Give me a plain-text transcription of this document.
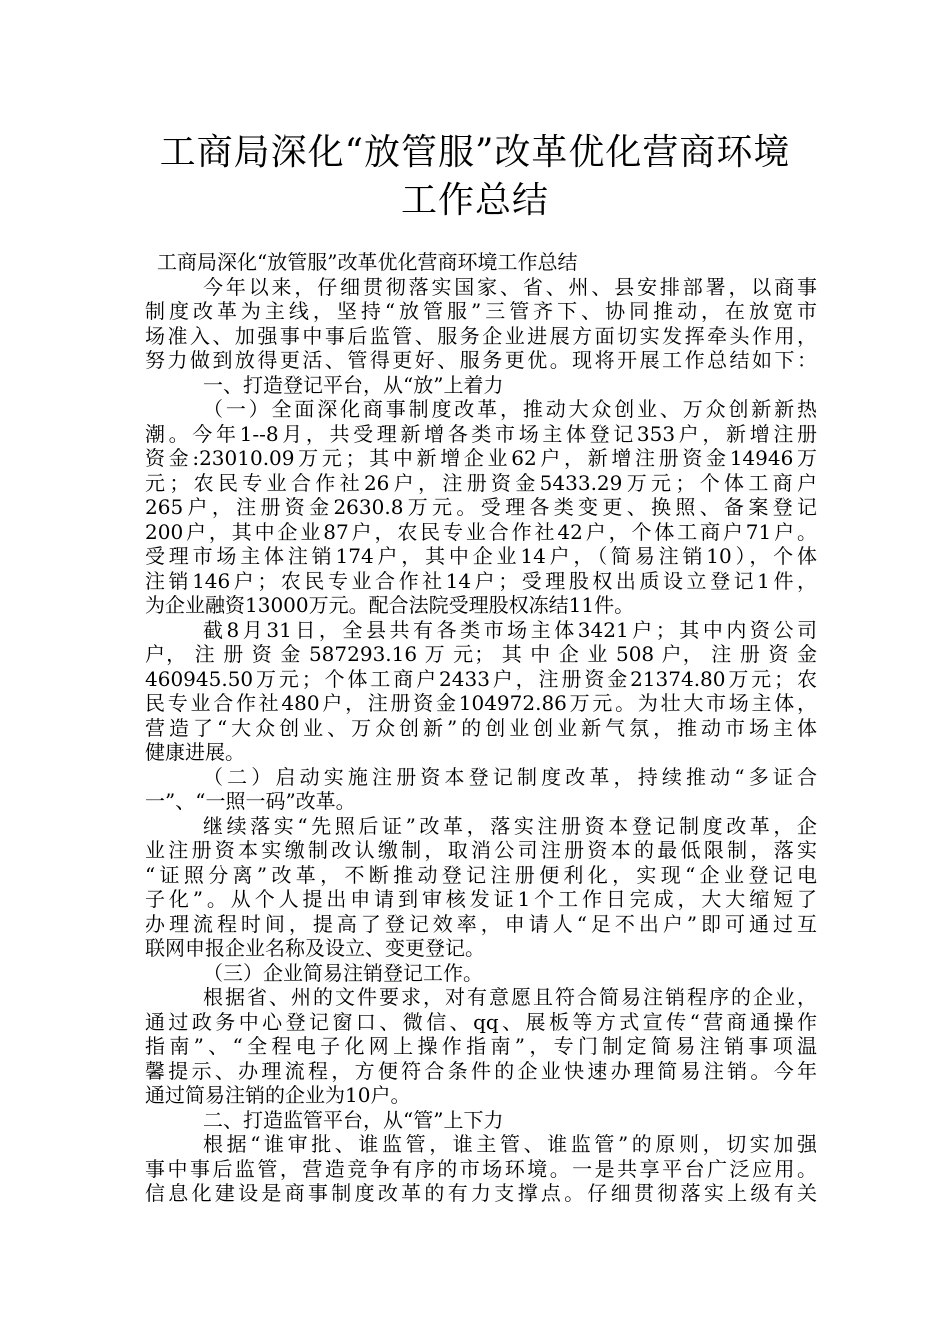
工商局深化“放管服”改革优化营商环境
工作总结
工商局深化“放管服”改革优化营商环境工作总结
今年以来，仔细贯彻落实国家、省、州、县安排部署，以商事
制度改革为主线，坚持“放管服”三管齐下、协同推动，在放宽市
场准入、加强事中事后监管、服务企业进展方面切实发挥牵头作用，
努力做到放得更活、管得更好、服务更优。现将开展工作总结如下：
一、打造登记平台，从“放”上着力
（一）全面深化商事制度改革，推动大众创业、万众创新新热
潮。今年1--8月，共受理新增各类市场主体登记353户，新增注册
资金:23010.09万元；其中新增企业62户，新增注册资金14946万
元；农民专业合作社26户，注册资金5433.29万元；个体工商户
265户，注册资金2630.8万元。受理各类变更、换照、备案登记
200户，其中企业87户，农民专业合作社42户，个体工商户71户。
受理市场主体注销174户，其中企业14户，（简易注销10），个体
注销146户；农民专业合作社14户；受理股权出质设立登记1件，
为企业融资13000万元。配合法院受理股权冻结11件。
截8月31日，全县共有各类市场主体3421户；其中内资公司
户， 注 册 资 金 587293.16 万 元； 其 中 企 业 508 户， 注 册 资 金
460945.50万元；个体工商户2433户，注册资金21374.80万元；农
民专业合作社480户，注册资金104972.86万元。为壮大市场主体，
营造了“大众创业、万众创新”的创业创业新气氛，推动市场主体
健康进展。
（二）启动实施注册资本登记制度改革，持续推动“多证合
一”、“一照一码”改革。
继续落实“先照后证”改革，落实注册资本登记制度改革，企
业注册资本实缴制改认缴制，取消公司注册资本的最低限制，落实
“证照分离”改革，不断推动登记注册便利化，实现“企业登记电
子化”。从个人提出申请到审核发证1个工作日完成，大大缩短了
办理流程时间，提高了登记效率，申请人“足不出户”即可通过互
联网申报企业名称及设立、变更登记。
（三）企业简易注销登记工作。
根据省、州的文件要求，对有意愿且符合简易注销程序的企业，
通过政务中心登记窗口、微信、qq、展板等方式宣传“营商通操作
指南”、“全程电子化网上操作指南”，专门制定简易注销事项温
馨提示、办理流程，方便符合条件的企业快速办理简易注销。今年
通过简易注销的企业为10户。
二、打造监管平台，从“管”上下力
根据“谁审批、谁监管，谁主管、谁监管”的原则，切实加强
事中事后监管，营造竞争有序的市场环境。一是共享平台广泛应用。
信息化建设是商事制度改革的有力支撑点。仔细贯彻落实上级有关
